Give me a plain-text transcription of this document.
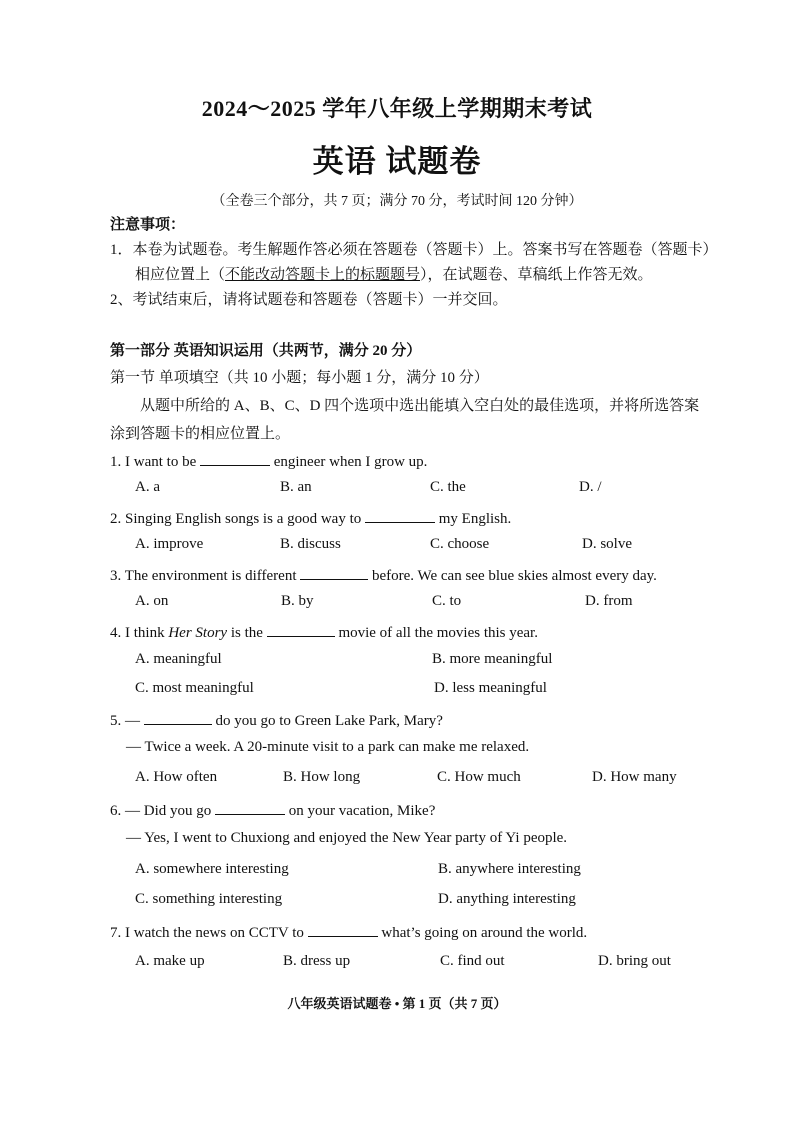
2024～2025 学年八年级上学期期末考试
英语 试题卷
（全卷三个部分，共 7 页；满分 70 分，考试时间 120 分钟）
注意事项：
1．本卷为试题卷。考生解题作答必须在答题卷（答题卡）上。答案书写在答题卷（答题卡）
相应位置上（不能改动答题卡上的标题题号），在试题卷、草稿纸上作答无效。
2、考试结束后，请将试题卷和答题卷（答题卡）一并交回。
第一部分 英语知识运用（共两节，满分 20 分）
第一节 单项填空（共 10 小题；每小题 1 分，满分 10 分）
从题中所给的 A、B、C、D 四个选项中选出能填入空白处的最佳选项，并将所选答案
涂到答题卡的相应位置上。
1. I want to be	engineer when I grow up.
A. a	B. an	C. the	D. /
2. Singing English songs is a good way to	my English.
A. improve	B. discuss	C. choose	D. solve
3. The environment is different	before. We can see blue skies almost every day.
A. on	B. by	C. to	D. from
4. I think Her Story is the	movie of all the movies this year.
A. meaningful	B. more meaningful
C. most meaningful	D. less meaningful
5. —	do you go to Green Lake Park, Mary?
— Twice a week. A 20-minute visit to a park can make me relaxed.
A. How often	B. How long	C. How much	D. How many
6. — Did you go	on your vacation, Mike?
— Yes, I went to Chuxiong and enjoyed the New Year party of Yi people.
A. somewhere interesting	B. anywhere interesting
C. something interesting	D. anything interesting
7. I watch the news on CCTV to	what’s going on around the world.
A. make up	B. dress up	C. find out	D. bring out
八年级英语试题卷 • 第 1 页（共 7 页）
